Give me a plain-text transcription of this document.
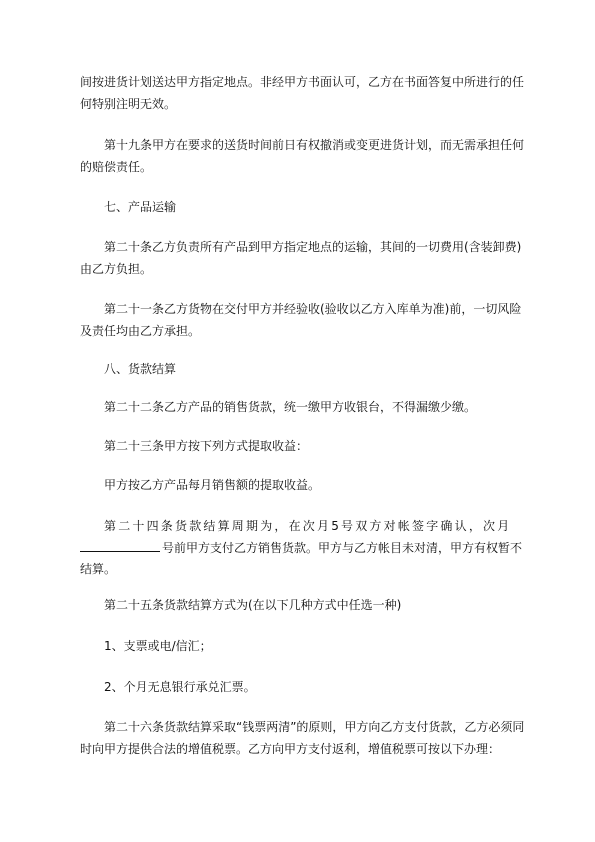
间按进货计划送达甲方指定地点。非经甲方书面认可，乙方在书面答复中所进行的任
何特别注明无效。
第十九条甲方在要求的送货时间前日有权撤消或变更进货计划，而无需承担任何
的赔偿责任。
七、产品运输
第二十条乙方负责所有产品到甲方指定地点的运输，其间的一切费用(含装卸费)
由乙方负担。
第二十一条乙方货物在交付甲方并经验收(验收以乙方入库单为准)前，一切风险
及责任均由乙方承担。
八、货款结算
第二十二条乙方产品的销售货款，统一缴甲方收银台，不得漏缴少缴。
第二十三条甲方按下列方式提取收益：
甲方按乙方产品每月销售额的提取收益。
第二十四条货款结算周期为，在次月5号双方对帐签字确认，次月
号前甲方支付乙方销售货款。甲方与乙方帐目未对清，甲方有权暂不
结算。
第二十五条货款结算方式为(在以下几种方式中任选一种)
1、支票或电/信汇；
2、个月无息银行承兑汇票。
第二十六条货款结算采取“钱票两清”的原则，甲方向乙方支付货款，乙方必须同
时向甲方提供合法的增值税票。乙方向甲方支付返利，增值税票可按以下办理：
